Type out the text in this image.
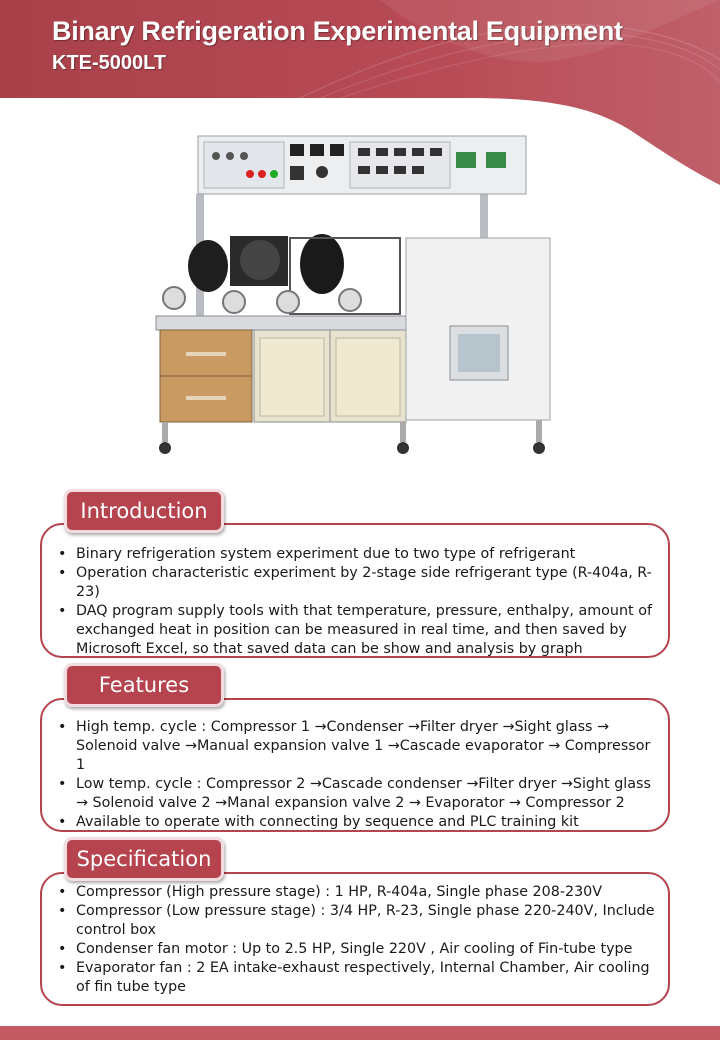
Binary Refrigeration Experimental Equipment
KTE-5000LT
• Binary refrigeration system experiment due to two type of refrigerant
• Operation characteristic experiment by 2-stage side refrigerant type (R-404a, R-23)
• DAQ program supply tools with that temperature, pressure, enthalpy, amount of exchanged heat in position can be measured in real time, and then saved by Microsoft Excel, so that saved data can be show and analysis by graph
Introduction
• High temp. cycle : Compressor 1 →Condenser →Filter dryer →Sight glass → Solenoid valve →Manual expansion valve 1 →Cascade evaporator → Compressor 1
• Low temp. cycle : Compressor 2 →Cascade condenser →Filter dryer →Sight glass → Solenoid valve 2 →Manal expansion valve 2 → Evaporator → Compressor 2
• Available to operate with connecting by sequence and PLC training kit
Features
• Compressor (High pressure stage) : 1 HP, R-404a, Single phase 208-230V
• Compressor (Low pressure stage) : 3/4 HP, R-23, Single phase 220-240V, Include control box
• Condenser fan motor : Up to 2.5 HP, Single 220V , Air cooling of Fin-tube type
• Evaporator fan : 2 EA intake-exhaust respectively, Internal Chamber, Air cooling of fin tube type
Specification
